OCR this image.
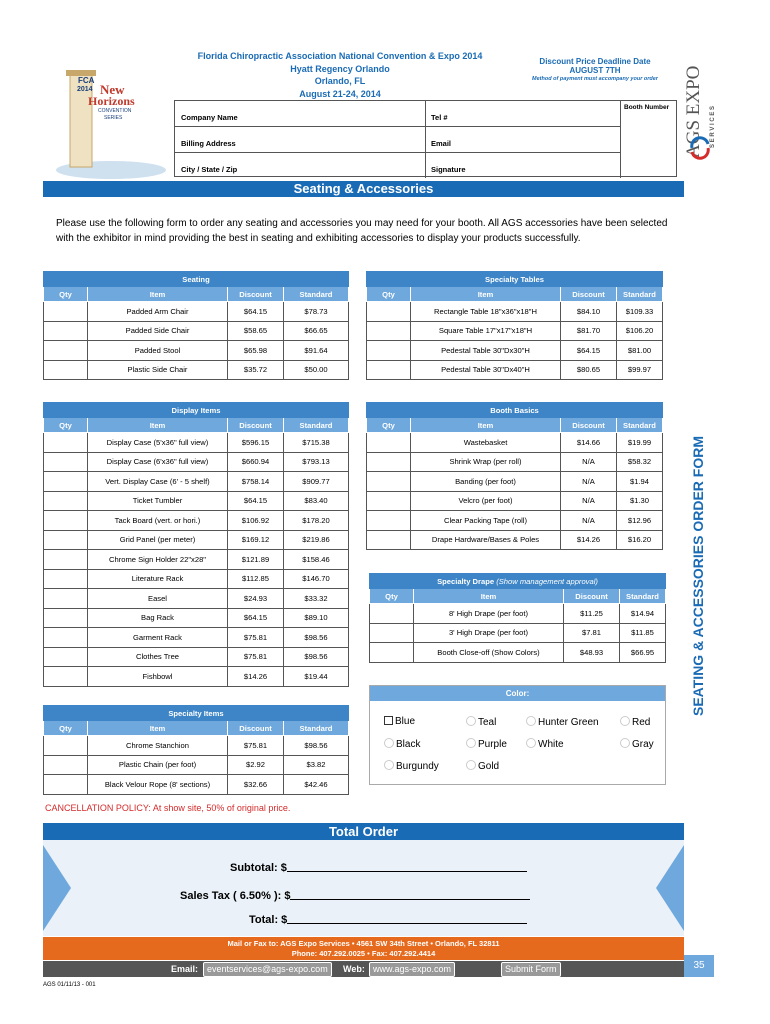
FCA
2014 New
Horizons
CONVENTION
SERIES
Florida Chiropractic Association National Convention & Expo 2014
Hyatt Regency Orlando
Orlando, FL
August 21-24, 2014
Discount Price Deadline Date
AUGUST 7TH
Method of payment must accompany your order	AGS EXPO S E R V I C E S
Company Name	Tel #
Billing Address	Email
City / State / Zip	Signature
Booth Number
Seating & Accessories
Please use the following form to order any seating and accessories you may need for your booth. All AGS accessories have been selected with the exhibitor in mind providing the best in seating and exhibiting accessories to display your products successfully.
Seating			
Qty	Item	Discount	Standard
	Padded Arm Chair	$64.15	$78.73
	Padded Side Chair	$58.65	$66.65
	Padded Stool	$65.98	$91.64
	Plastic Side Chair	$35.72	$50.00
Specialty Tables			
Qty	Item	Discount	Standard
	Rectangle Table 18"x36"x18"H	$84.10	$109.33
	Square Table 17"x17"x18"H	$81.70	$106.20
	Pedestal Table 30"Dx30"H	$64.15	$81.00
	Pedestal Table 30"Dx40"H	$80.65	$99.97
Display Items			
Qty	Item	Discount	Standard
	Display Case (5'x36" full view)	$596.15	$715.38
	Display Case (6'x36" full view)	$660.94	$793.13
	Vert. Display Case (6' - 5 shelf)	$758.14	$909.77
	Ticket Tumbler	$64.15	$83.40
	Tack Board (vert. or hori.)	$106.92	$178.20
	Grid Panel (per meter)	$169.12	$219.86
	Chrome Sign Holder 22"x28"	$121.89	$158.46
	Literature Rack	$112.85	$146.70
	Easel	$24.93	$33.32
	Bag Rack	$64.15	$89.10
	Garment Rack	$75.81	$98.56
	Clothes Tree	$75.81	$98.56
	Fishbowl	$14.26	$19.44
Booth Basics			
Qty	Item	Discount	Standard
	Wastebasket	$14.66	$19.99
	Shrink Wrap (per roll)	N/A	$58.32
	Banding (per foot)	N/A	$1.94
	Velcro (per foot)	N/A	$1.30
	Clear Packing Tape (roll)	N/A	$12.96
	Drape Hardware/Bases & Poles	$14.26	$16.20
Specialty Drape (Show management approval)			
Qty	Item	Discount	Standard
	8' High Drape (per foot)	$11.25	$14.94
	3' High Drape (per foot)	$7.81	$11.85
	Booth Close-off (Show Colors)	$48.93	$66.95
Color:
Blue	Teal	Hunter Green	Red
Black	Purple	White	Gray
Burgundy	Gold
Specialty Items			
Qty	Item	Discount	Standard
	Chrome Stanchion	$75.81	$98.56
	Plastic Chain (per foot)	$2.92	$3.82
	Black Velour Rope (8' sections)	$32.66	$42.46
CANCELLATION POLICY: At show site, 50% of original price.
SEATING & ACCESSORIES ORDER FORM
Total Order
Subtotal: $
Sales Tax ( 6.50% ): $
Total: $
Mail or Fax to: AGS Expo Services • 4561 SW 34th Street • Orlando, FL 32811
Phone: 407.292.0025 • Fax: 407.292.4414
Email: eventservices@ags-expo.com	Web: www.ags-expo.com	Submit Form	35
AGS 01/11/13 - 001
